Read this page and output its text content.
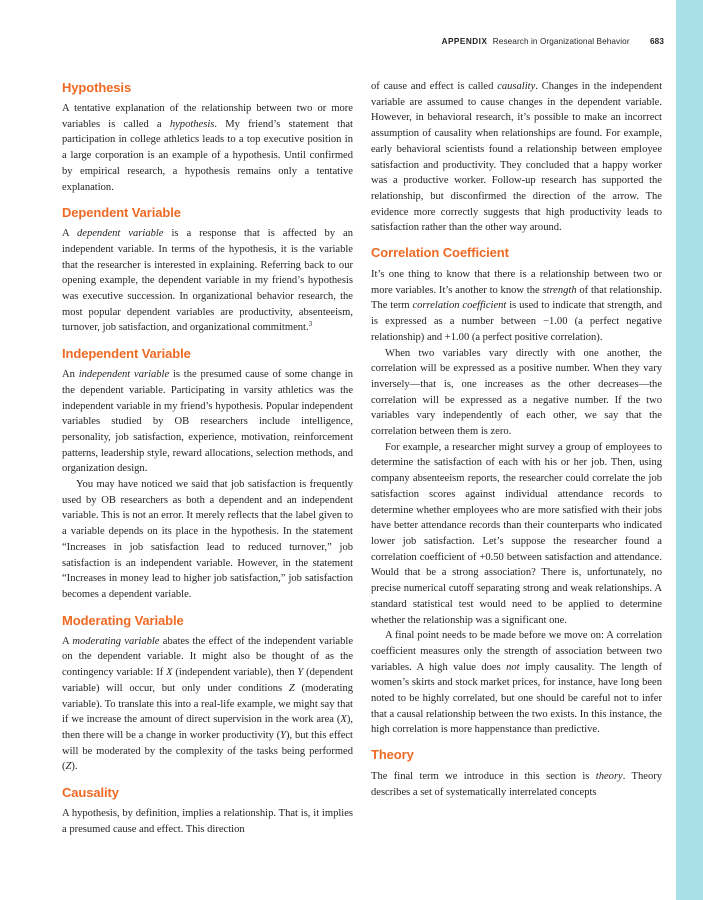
APPENDIX Research in Organizational Behavior 683
Hypothesis

A tentative explanation of the relationship between two or more variables is called a hypothesis. My friend’s statement that participation in college athletics leads to a top executive position in a large corporation is an example of a hypothesis. Until confirmed by empirical research, a hypothesis remains only a tentative explanation.

Dependent Variable

A dependent variable is a response that is affected by an independent variable. In terms of the hypothesis, it is the variable that the researcher is interested in explaining. Referring back to our opening example, the dependent variable in my friend’s hypothesis was executive succession. In organizational behavior research, the most popular dependent variables are productivity, absenteeism, turnover, job satisfaction, and organizational commitment.$^3$

Independent Variable

An independent variable is the presumed cause of some change in the dependent variable. Participating in varsity athletics was the independent variable in my friend’s hypothesis. Popular independent variables studied by OB researchers include intelligence, personality, job satisfaction, experience, motivation, reinforcement patterns, leadership style, reward allocations, selection methods, and organization design.

You may have noticed we said that job satisfaction is frequently used by OB researchers as both a dependent and an independent variable. This is not an error. It merely reflects that the label given to a variable depends on its place in the hypothesis. In the statement “Increases in job satisfaction lead to reduced turnover,” job satisfaction is an independent variable. However, in the statement “Increases in money lead to higher job satisfaction,” job satisfaction becomes a dependent variable.

Moderating Variable

A moderating variable abates the effect of the independent variable on the dependent variable. It might also be thought of as the contingency variable: If X (independent variable), then Y (dependent variable) will occur, but only under conditions Z (moderating variable). To translate this into a real-life example, we might say that if we increase the amount of direct supervision in the work area (X), then there will be a change in worker productivity (Y), but this effect will be moderated by the complexity of the tasks being performed (Z).

Causality

A hypothesis, by definition, implies a relationship. That is, it implies a presumed cause and effect. This direction

of cause and effect is called causality. Changes in the independent variable are assumed to cause changes in the dependent variable. However, in behavioral research, it’s possible to make an incorrect assumption of causality when relationships are found. For example, early behavioral scientists found a relationship between employee satisfaction and productivity. They concluded that a happy worker was a productive worker. Follow-up research has supported the relationship, but disconfirmed the direction of the arrow. The evidence more correctly suggests that high productivity leads to satisfaction rather than the other way around.

Correlation Coefficient

It’s one thing to know that there is a relationship between two or more variables. It’s another to know the strength of that relationship. The term correlation coefficient is used to indicate that strength, and is expressed as a number between −1.00 (a perfect negative relationship) and +1.00 (a perfect positive correlation).

When two variables vary directly with one another, the correlation will be expressed as a positive number. When they vary inversely—that is, one increases as the other decreases—the correlation will be expressed as a negative number. If the two variables vary independently of each other, we say that the correlation between them is zero.

For example, a researcher might survey a group of employees to determine the satisfaction of each with his or her job. Then, using company absenteeism reports, the researcher could correlate the job satisfaction scores against individual attendance records to determine whether employees who are more satisfied with their jobs have better attendance records than their counterparts who indicated lower job satisfaction. Let’s suppose the researcher found a correlation coefficient of +0.50 between satisfaction and attendance. Would that be a strong association? There is, unfortunately, no precise numerical cutoff separating strong and weak relationships. A standard statistical test would need to be applied to determine whether the relationship was a significant one.

A final point needs to be made before we move on: A correlation coefficient measures only the strength of association between two variables. A high value does not imply causality. The length of women’s skirts and stock market prices, for instance, have long been noted to be highly correlated, but one should be careful not to infer that a causal relationship between the two exists. In this instance, the high correlation is more happenstance than predictive.

Theory

The final term we introduce in this section is theory. Theory describes a set of systematically interrelated concepts
